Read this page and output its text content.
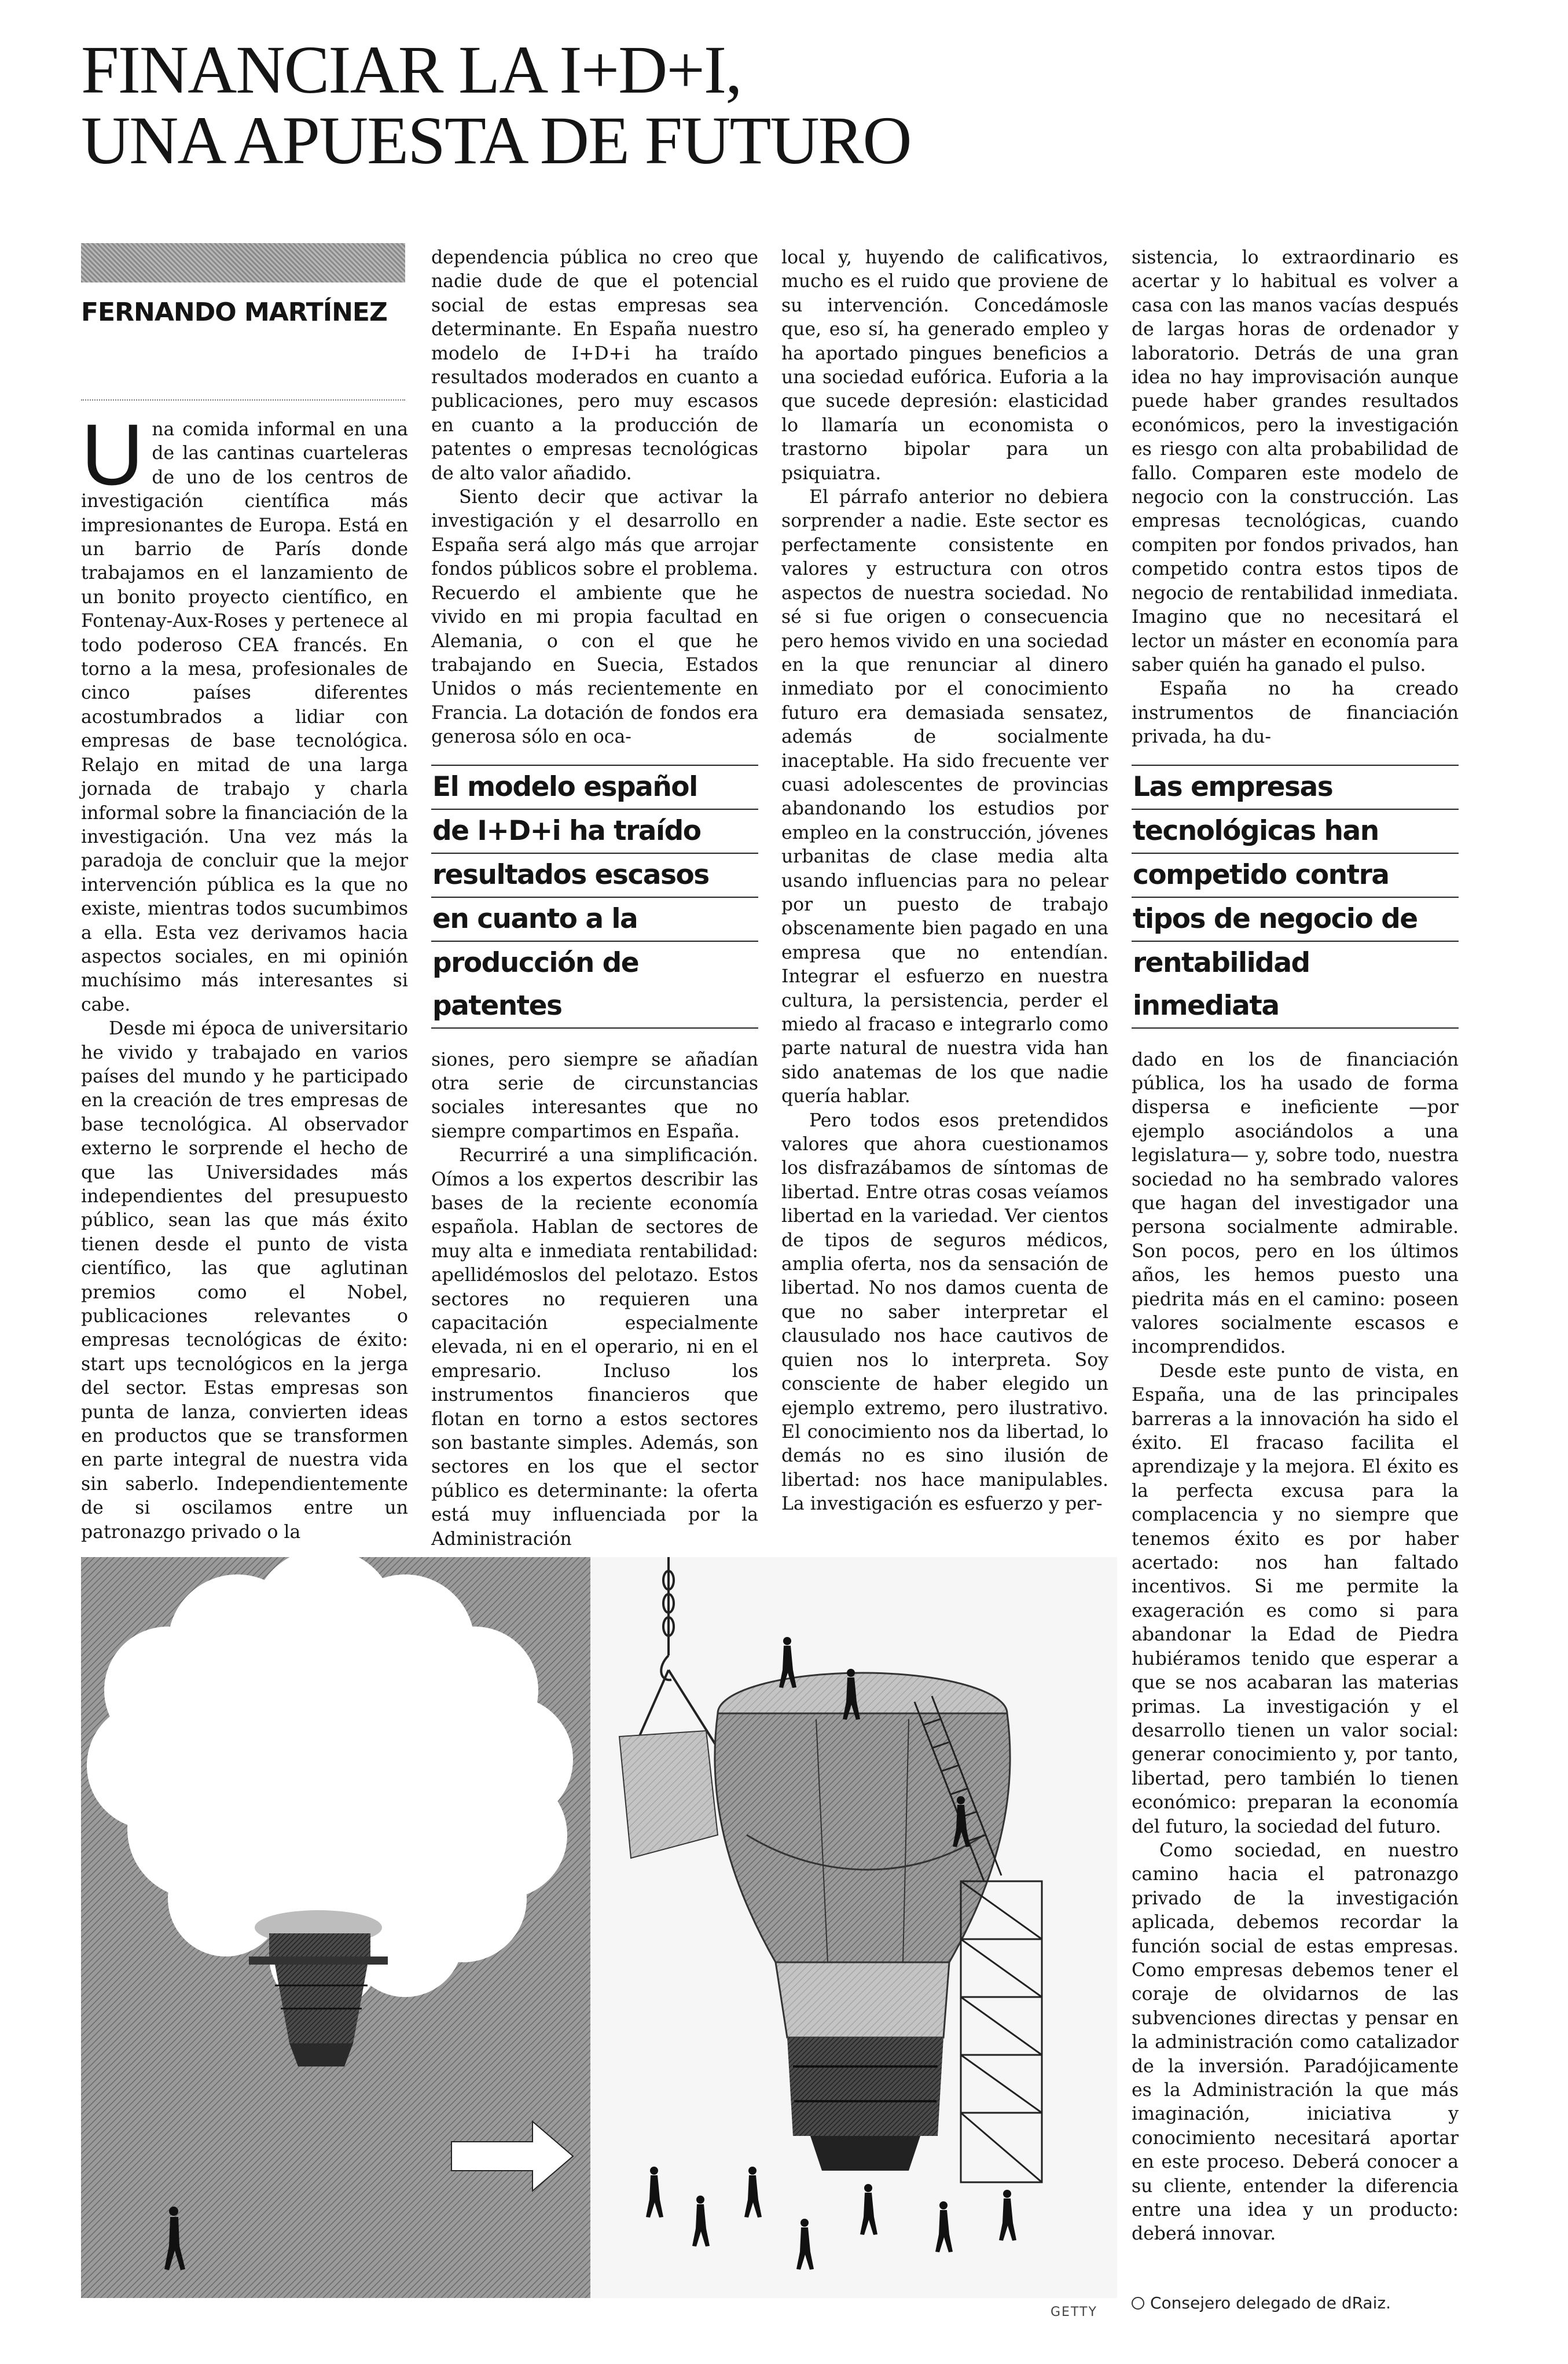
FINANCIAR LA I+D+I,
UNA APUESTA DE FUTURO
FERNANDO MARTÍNEZ

Una comida informal en una de las cantinas cuarteleras de uno de los centros de investigación científica más impresionantes de Europa. Está en un barrio de París donde trabajamos en el lanzamiento de un bonito proyecto científico, en Fontenay-Aux-Roses y pertenece al todo poderoso CEA francés. En torno a la mesa, profesionales de cinco países diferentes acostumbrados a lidiar con empresas de base tecnológica. Relajo en mitad de una larga jornada de trabajo y charla informal sobre la financiación de la investigación. Una vez más la paradoja de concluir que la mejor intervención pública es la que no existe, mientras todos sucumbimos a ella. Esta vez derivamos hacia aspectos sociales, en mi opinión muchísimo más interesantes si cabe.

Desde mi época de universitario he vivido y trabajado en varios países del mundo y he participado en la creación de tres empresas de base tecnológica. Al observador externo le sorprende el hecho de que las Universidades más independientes del presupuesto público, sean las que más éxito tienen desde el punto de vista científico, las que aglutinan premios como el Nobel, publicaciones relevantes o empresas tecnológicas de éxito: start ups tecnológicos en la jerga del sector. Estas empresas son punta de lanza, convierten ideas en productos que se transformen en parte integral de nuestra vida sin saberlo. Independientemente de si oscilamos entre un patronazgo privado o la

dependencia pública no creo que nadie dude de que el potencial social de estas empresas sea determinante. En España nuestro modelo de I+D+i ha traído resultados moderados en cuanto a publicaciones, pero muy escasos en cuanto a la producción de patentes o empresas tecnológicas de alto valor añadido.

Siento decir que activar la investigación y el desarrollo en España será algo más que arrojar fondos públicos sobre el problema. Recuerdo el ambiente que he vivido en mi propia facultad en Alemania, o con el que he trabajando en Suecia, Estados Unidos o más recientemente en Francia. La dotación de fondos era generosa sólo en oca-

El modelo español
de I+D+i ha traído
resultados escasos
en cuanto a la
producción de patentes

siones, pero siempre se añadían otra serie de circunstancias sociales interesantes que no siempre compartimos en España.

Recurriré a una simplificación. Oímos a los expertos describir las bases de la reciente economía española. Hablan de sectores de muy alta e inmediata rentabilidad: apellidémoslos del pelotazo. Estos sectores no requieren una capacitación especialmente elevada, ni en el operario, ni en el empresario. Incluso los instrumentos financieros que flotan en torno a estos sectores son bastante simples. Además, son sectores en los que el sector público es determinante: la oferta está muy influenciada por la Administración

local y, huyendo de calificativos, mucho es el ruido que proviene de su intervención. Concedámosle que, eso sí, ha generado empleo y ha aportado pingues beneficios a una sociedad eufórica. Euforia a la que sucede depresión: elasticidad lo llamaría un economista o trastorno bipolar para un psiquiatra.

El párrafo anterior no debiera sorprender a nadie. Este sector es perfectamente consistente en valores y estructura con otros aspectos de nuestra sociedad. No sé si fue origen o consecuencia pero hemos vivido en una sociedad en la que renunciar al dinero inmediato por el conocimiento futuro era demasiada sensatez, además de socialmente inaceptable. Ha sido frecuente ver cuasi adolescentes de provincias abandonando los estudios por empleo en la construcción, jóvenes urbanitas de clase media alta usando influencias para no pelear por un puesto de trabajo obscenamente bien pagado en una empresa que no entendían. Integrar el esfuerzo en nuestra cultura, la persistencia, perder el miedo al fracaso e integrarlo como parte natural de nuestra vida han sido anatemas de los que nadie quería hablar.

Pero todos esos pretendidos valores que ahora cuestionamos los disfrazábamos de síntomas de libertad. Entre otras cosas veíamos libertad en la variedad. Ver cientos de tipos de seguros médicos, amplia oferta, nos da sensación de libertad. No nos damos cuenta de que no saber interpretar el clausulado nos hace cautivos de quien nos lo interpreta. Soy consciente de haber elegido un ejemplo extremo, pero ilustrativo. El conocimiento nos da libertad, lo demás no es sino ilusión de libertad: nos hace manipulables. La investigación es esfuerzo y per-

sistencia, lo extraordinario es acertar y lo habitual es volver a casa con las manos vacías después de largas horas de ordenador y laboratorio. Detrás de una gran idea no hay improvisación aunque puede haber grandes resultados económicos, pero la investigación es riesgo con alta probabilidad de fallo. Comparen este modelo de negocio con la construcción. Las empresas tecnológicas, cuando compiten por fondos privados, han competido contra estos tipos de negocio de rentabilidad inmediata. Imagino que no necesitará el lector un máster en economía para saber quién ha ganado el pulso.

España no ha creado instrumentos de financiación privada, ha du-

Las empresas
tecnológicas han
competido contra
tipos de negocio de
rentabilidad inmediata

dado en los de financiación pública, los ha usado de forma dispersa e ineficiente —por ejemplo asociándolos a una legislatura— y, sobre todo, nuestra sociedad no ha sembrado valores que hagan del investigador una persona socialmente admirable. Son pocos, pero en los últimos años, les hemos puesto una piedrita más en el camino: poseen valores socialmente escasos e incomprendidos.

Desde este punto de vista, en España, una de las principales barreras a la innovación ha sido el éxito. El fracaso facilita el aprendizaje y la mejora. El éxito es la perfecta excusa para la complacencia y no siempre que tenemos éxito es por haber acertado: nos han faltado incentivos. Si me permite la exageración es como si para abandonar la Edad de Piedra hubiéramos tenido que esperar a que se nos acabaran las materias primas. La investigación y el desarrollo tienen un valor social: generar conocimiento y, por tanto, libertad, pero también lo tienen económico: preparan la economía del futuro, la sociedad del futuro.

Como sociedad, en nuestro camino hacia el patronazgo privado de la investigación aplicada, debemos recordar la función social de estas empresas. Como empresas debemos tener el coraje de olvidarnos de las subvenciones directas y pensar en la administración como catalizador de la inversión. Paradójicamente es la Administración la que más imaginación, iniciativa y conocimiento necesitará aportar en este proceso. Deberá conocer a su cliente, entender la diferencia entre una idea y un producto: deberá innovar.

GETTY	Consejero delegado de dRaiz.
